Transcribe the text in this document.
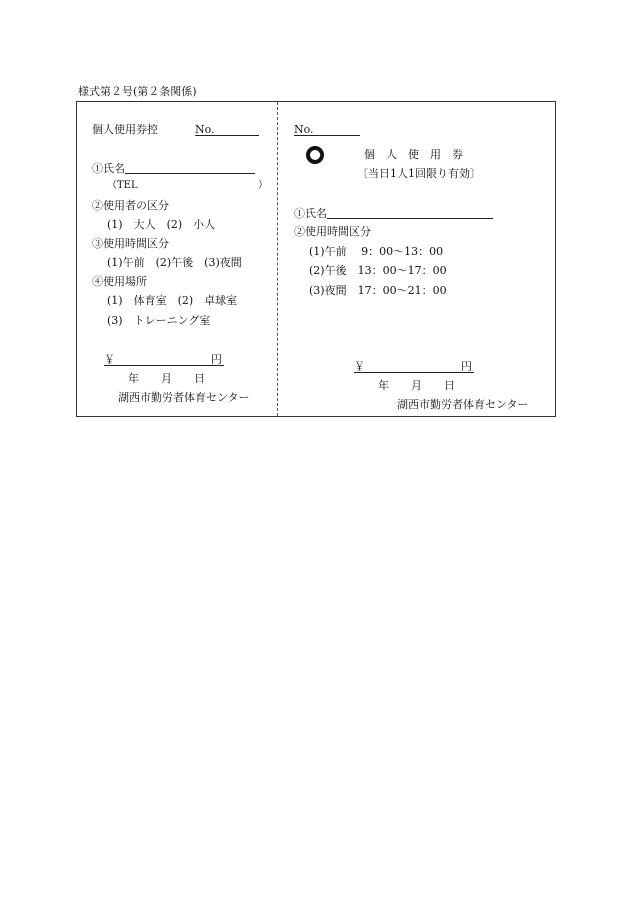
様式第２号(第２条関係)
個人使用券控	No.
①氏名
（TEL	）
②使用者の区分
(1)　大人　(2)　小人
③使用時間区分
(1)午前　(2)午後　(3)夜間
④使用場所
(1)　体育室　(2)　卓球室
(3)　トレーニング室
￥	円
年　　月　　日
湖西市勤労者体育センター
No.
個　人　使　用　券
〔当日1人1回限り有効〕
①氏名
②使用時間区分
(1)午前　 9：00〜13：00
(2)午後　13：00〜17：00
(3)夜間　17：00〜21：00
￥	円
年　　月　　日
湖西市勤労者体育センター
